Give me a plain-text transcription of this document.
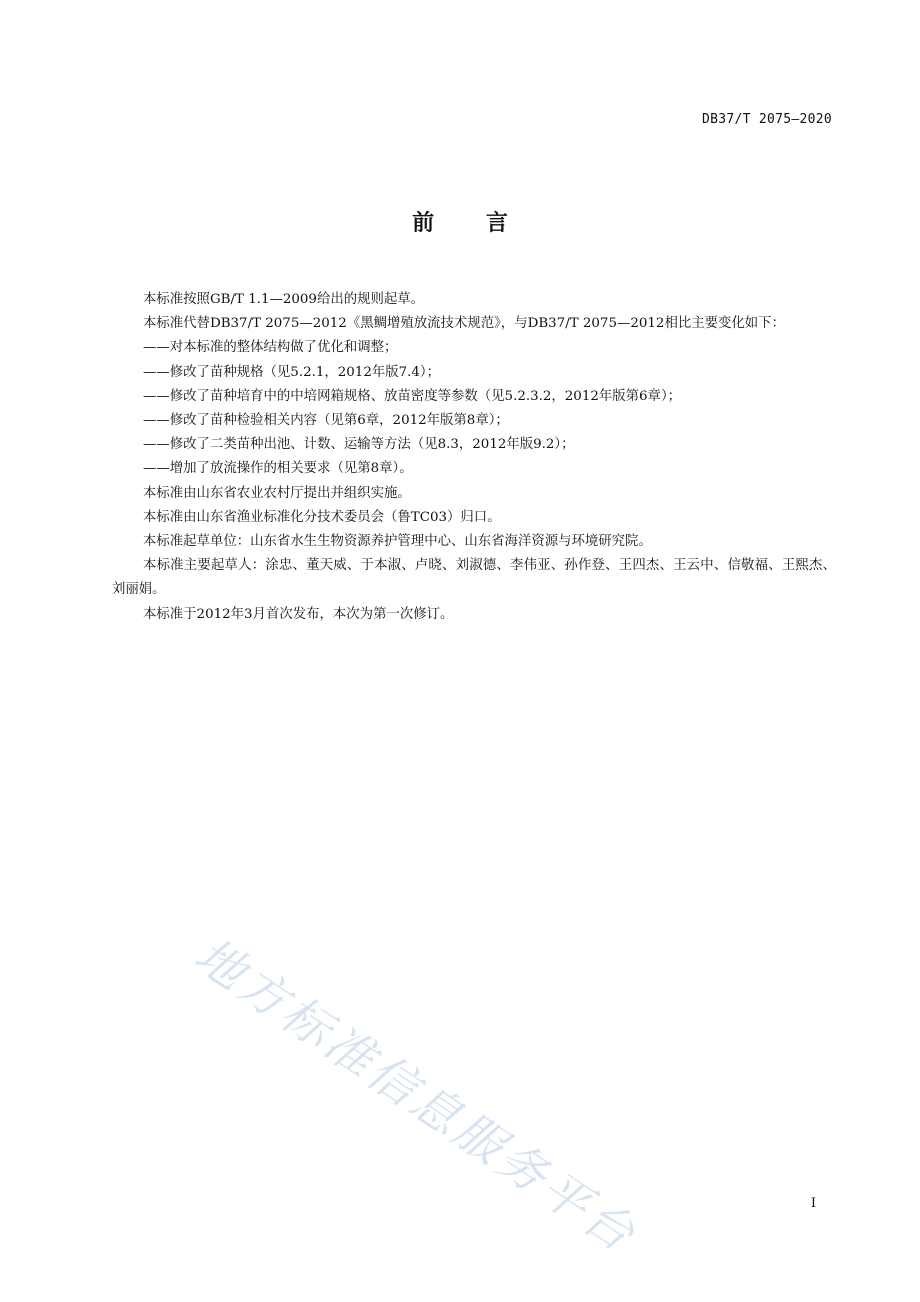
DB37/T 2075—2020
前 言

本标准按照GB/T 1.1—2009给出的规则起草。

本标准代替DB37/T 2075—2012《黑鲷增殖放流技术规范》，与DB37/T 2075—2012相比主要变化如下：

——对本标准的整体结构做了优化和调整；

——修改了苗种规格（见5.2.1，2012年版7.4）；

——修改了苗种培育中的中培网箱规格、放苗密度等参数（见5.2.3.2，2012年版第6章）；

——修改了苗种检验相关内容（见第6章，2012年版第8章）；

——修改了二类苗种出池、计数、运输等方法（见8.3，2012年版9.2）；

——增加了放流操作的相关要求（见第8章）。

本标准由山东省农业农村厅提出并组织实施。

本标准由山东省渔业标准化分技术委员会（鲁TC03）归口。

本标准起草单位：山东省水生生物资源养护管理中心、山东省海洋资源与环境研究院。

本标准主要起草人：涂忠、董天威、于本淑、卢晓、刘淑德、李伟亚、孙作登、王四杰、王云中、信敬福、王熙杰、刘丽娟。

本标准于2012年3月首次发布，本次为第一次修订。

地方标准信息服务平台	I
